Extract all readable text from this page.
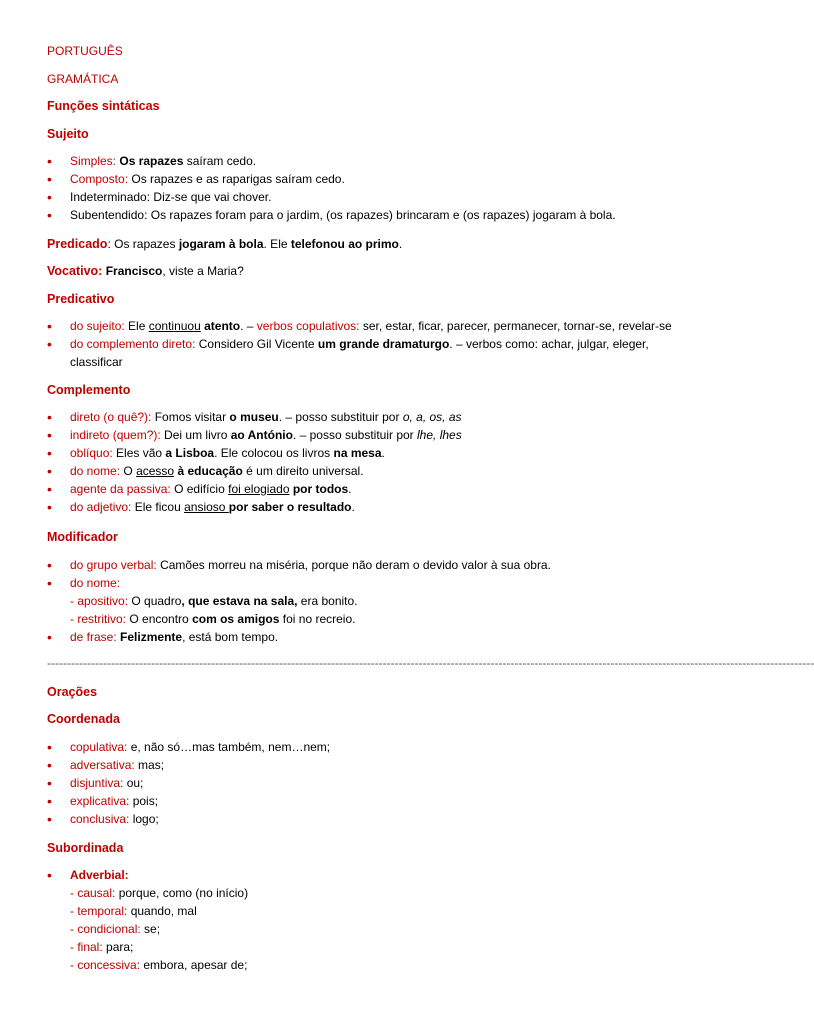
PORTUGUÊS
GRAMÁTICA
Funções sintáticas
Sujeito
• Simples: Os rapazes saíram cedo.
• Composto: Os rapazes e as raparigas saíram cedo.
• Indeterminado: Diz-se que vai chover.
• Subentendido: Os rapazes foram para o jardim, (os rapazes) brincaram e (os rapazes) jogaram à bola.
Predicado: Os rapazes jogaram à bola. Ele telefonou ao primo.
Vocativo: Francisco, viste a Maria?
Predicativo
• do sujeito: Ele continuou atento. – verbos copulativos: ser, estar, ficar, parecer, permanecer, tornar-se, revelar-se
• do complemento direto: Considero Gil Vicente um grande dramaturgo. – verbos como: achar, julgar, eleger,
classificar
Complemento
• direto (o quê?): Fomos visitar o museu. – posso substituir por o, a, os, as
• indireto (quem?): Dei um livro ao António. – posso substituir por lhe, lhes
• oblíquo: Eles vão a Lisboa. Ele colocou os livros na mesa.
• do nome: O acesso à educação é um direito universal.
• agente da passiva: O edifício foi elogiado por todos.
• do adjetivo: Ele ficou ansioso por saber o resultado.
Modificador
• do grupo verbal: Camões morreu na miséria, porque não deram o devido valor à sua obra.
• do nome:
- apositivo: O quadro, que estava na sala, era bonito.
- restritivo: O encontro com os amigos foi no recreio.
• de frase: Felizmente, está bom tempo.
------------------------------------------------------------------------------------------------------------------------------------------------------------------------------------------------
Orações
Coordenada
• copulativa: e, não só…mas também, nem…nem;
• adversativa: mas;
• disjuntiva: ou;
• explicativa: pois;
• conclusiva: logo;
Subordinada
• Adverbial:
- causal: porque, como (no início)
- temporal: quando, mal
- condicional: se;
- final: para;
- concessiva: embora, apesar de;
